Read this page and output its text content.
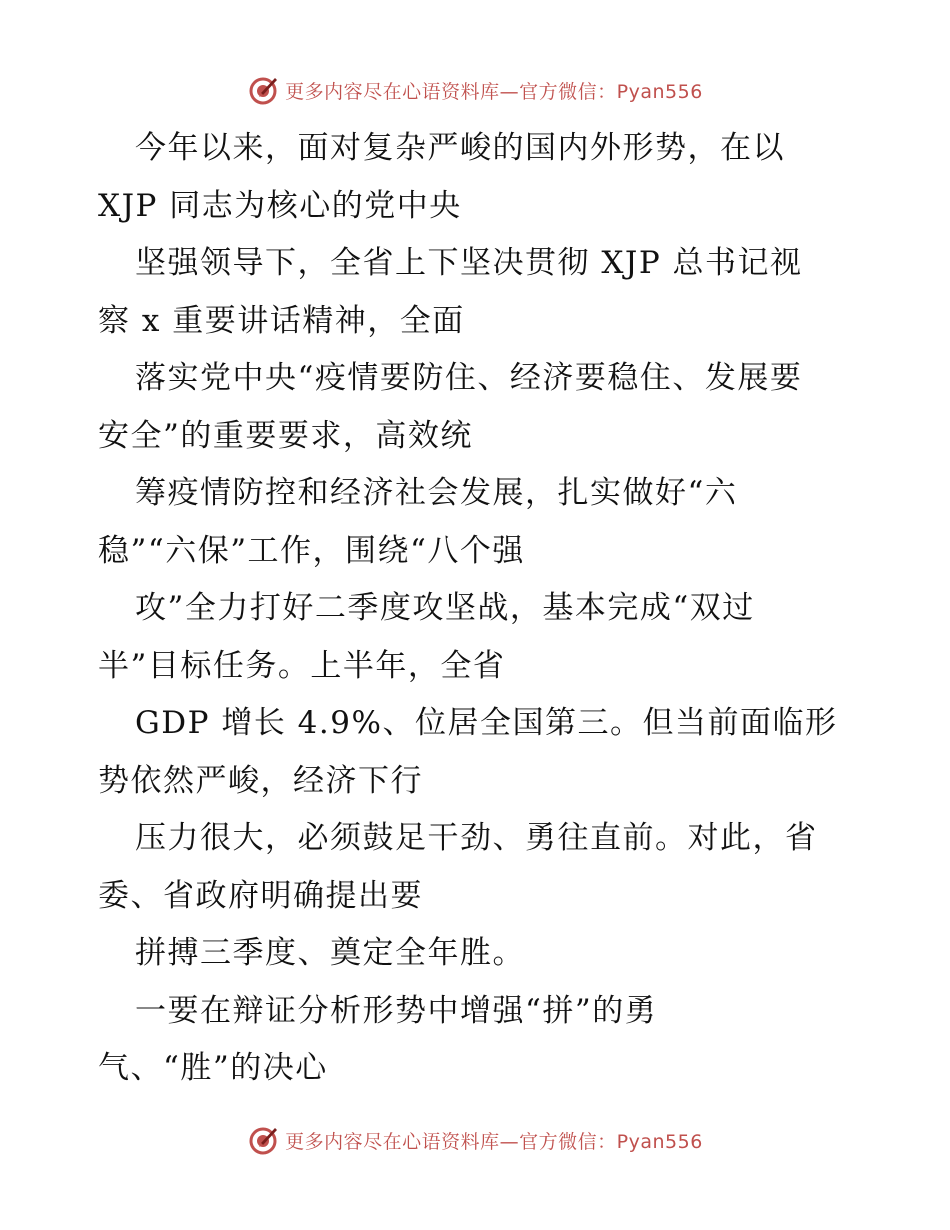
更多内容尽在心语资料库—官方微信：Pyan556
今年以来，面对复杂严峻的国内外形势，在以
XJP 同志为核心的党中央
坚强领导下，全省上下坚决贯彻 XJP 总书记视
察 x 重要讲话精神，全面
落实党中央“疫情要防住、经济要稳住、发展要
安全”的重要要求，高效统
筹疫情防控和经济社会发展，扎实做好“六
稳”“六保”工作，围绕“八个强
攻”全力打好二季度攻坚战，基本完成“双过
半”目标任务。上半年，全省
GDP 增长 4.9%、位居全国第三。但当前面临形
势依然严峻，经济下行
压力很大，必须鼓足干劲、勇往直前。对此，省
委、省政府明确提出要
拼搏三季度、奠定全年胜。
一要在辩证分析形势中增强“拼”的勇
气、“胜”的决心
更多内容尽在心语资料库—官方微信：Pyan556
